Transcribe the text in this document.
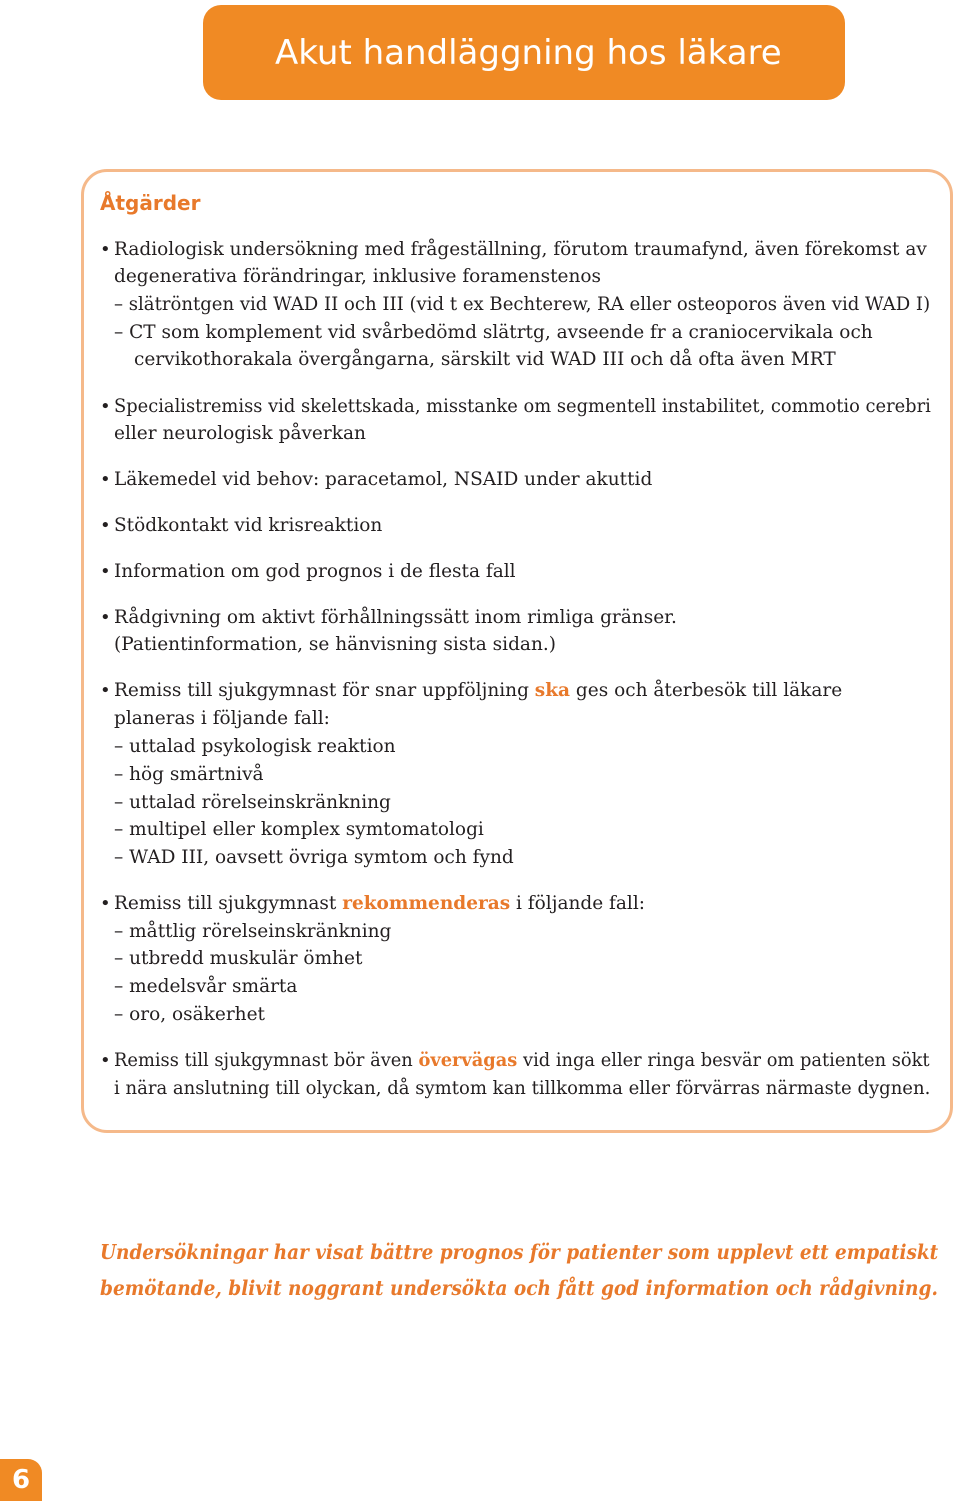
Akut handläggning hos läkare
Åtgärder
• Radiologisk undersökning med frågeställning, förutom traumafynd, även förekomst av
degenerativa förändringar, inklusive foramenstenos
– slätröntgen vid WAD II och III (vid t ex Bechterew, RA eller osteoporos även vid WAD I)
– CT som komplement vid svårbedömd slätrtg, avseende fr a craniocervikala och
cervikothorakala övergångarna, särskilt vid WAD III och då ofta även MRT
• Specialistremiss vid skelettskada, misstanke om segmentell instabilitet, commotio cerebri
eller neurologisk påverkan
• Läkemedel vid behov: paracetamol, NSAID under akuttid
• Stödkontakt vid krisreaktion
• Information om god prognos i de flesta fall
• Rådgivning om aktivt förhållningssätt inom rimliga gränser.
(Patientinformation, se hänvisning sista sidan.)
• Remiss till sjukgymnast för snar uppföljning ska ges och återbesök till läkare
planeras i följande fall:
– uttalad psykologisk reaktion
– hög smärtnivå
– uttalad rörelseinskränkning
– multipel eller komplex symtomatologi
– WAD III, oavsett övriga symtom och fynd
• Remiss till sjukgymnast rekommenderas i följande fall:
– måttlig rörelseinskränkning
– utbredd muskulär ömhet
– medelsvår smärta
– oro, osäkerhet
• Remiss till sjukgymnast bör även övervägas vid inga eller ringa besvär om patienten sökt
i nära anslutning till olyckan, då symtom kan tillkomma eller förvärras närmaste dygnen.
Undersökningar har visat bättre prognos för patienter som upplevt ett empatiskt
bemötande, blivit noggrant undersökta och fått god information och rådgivning.
6
